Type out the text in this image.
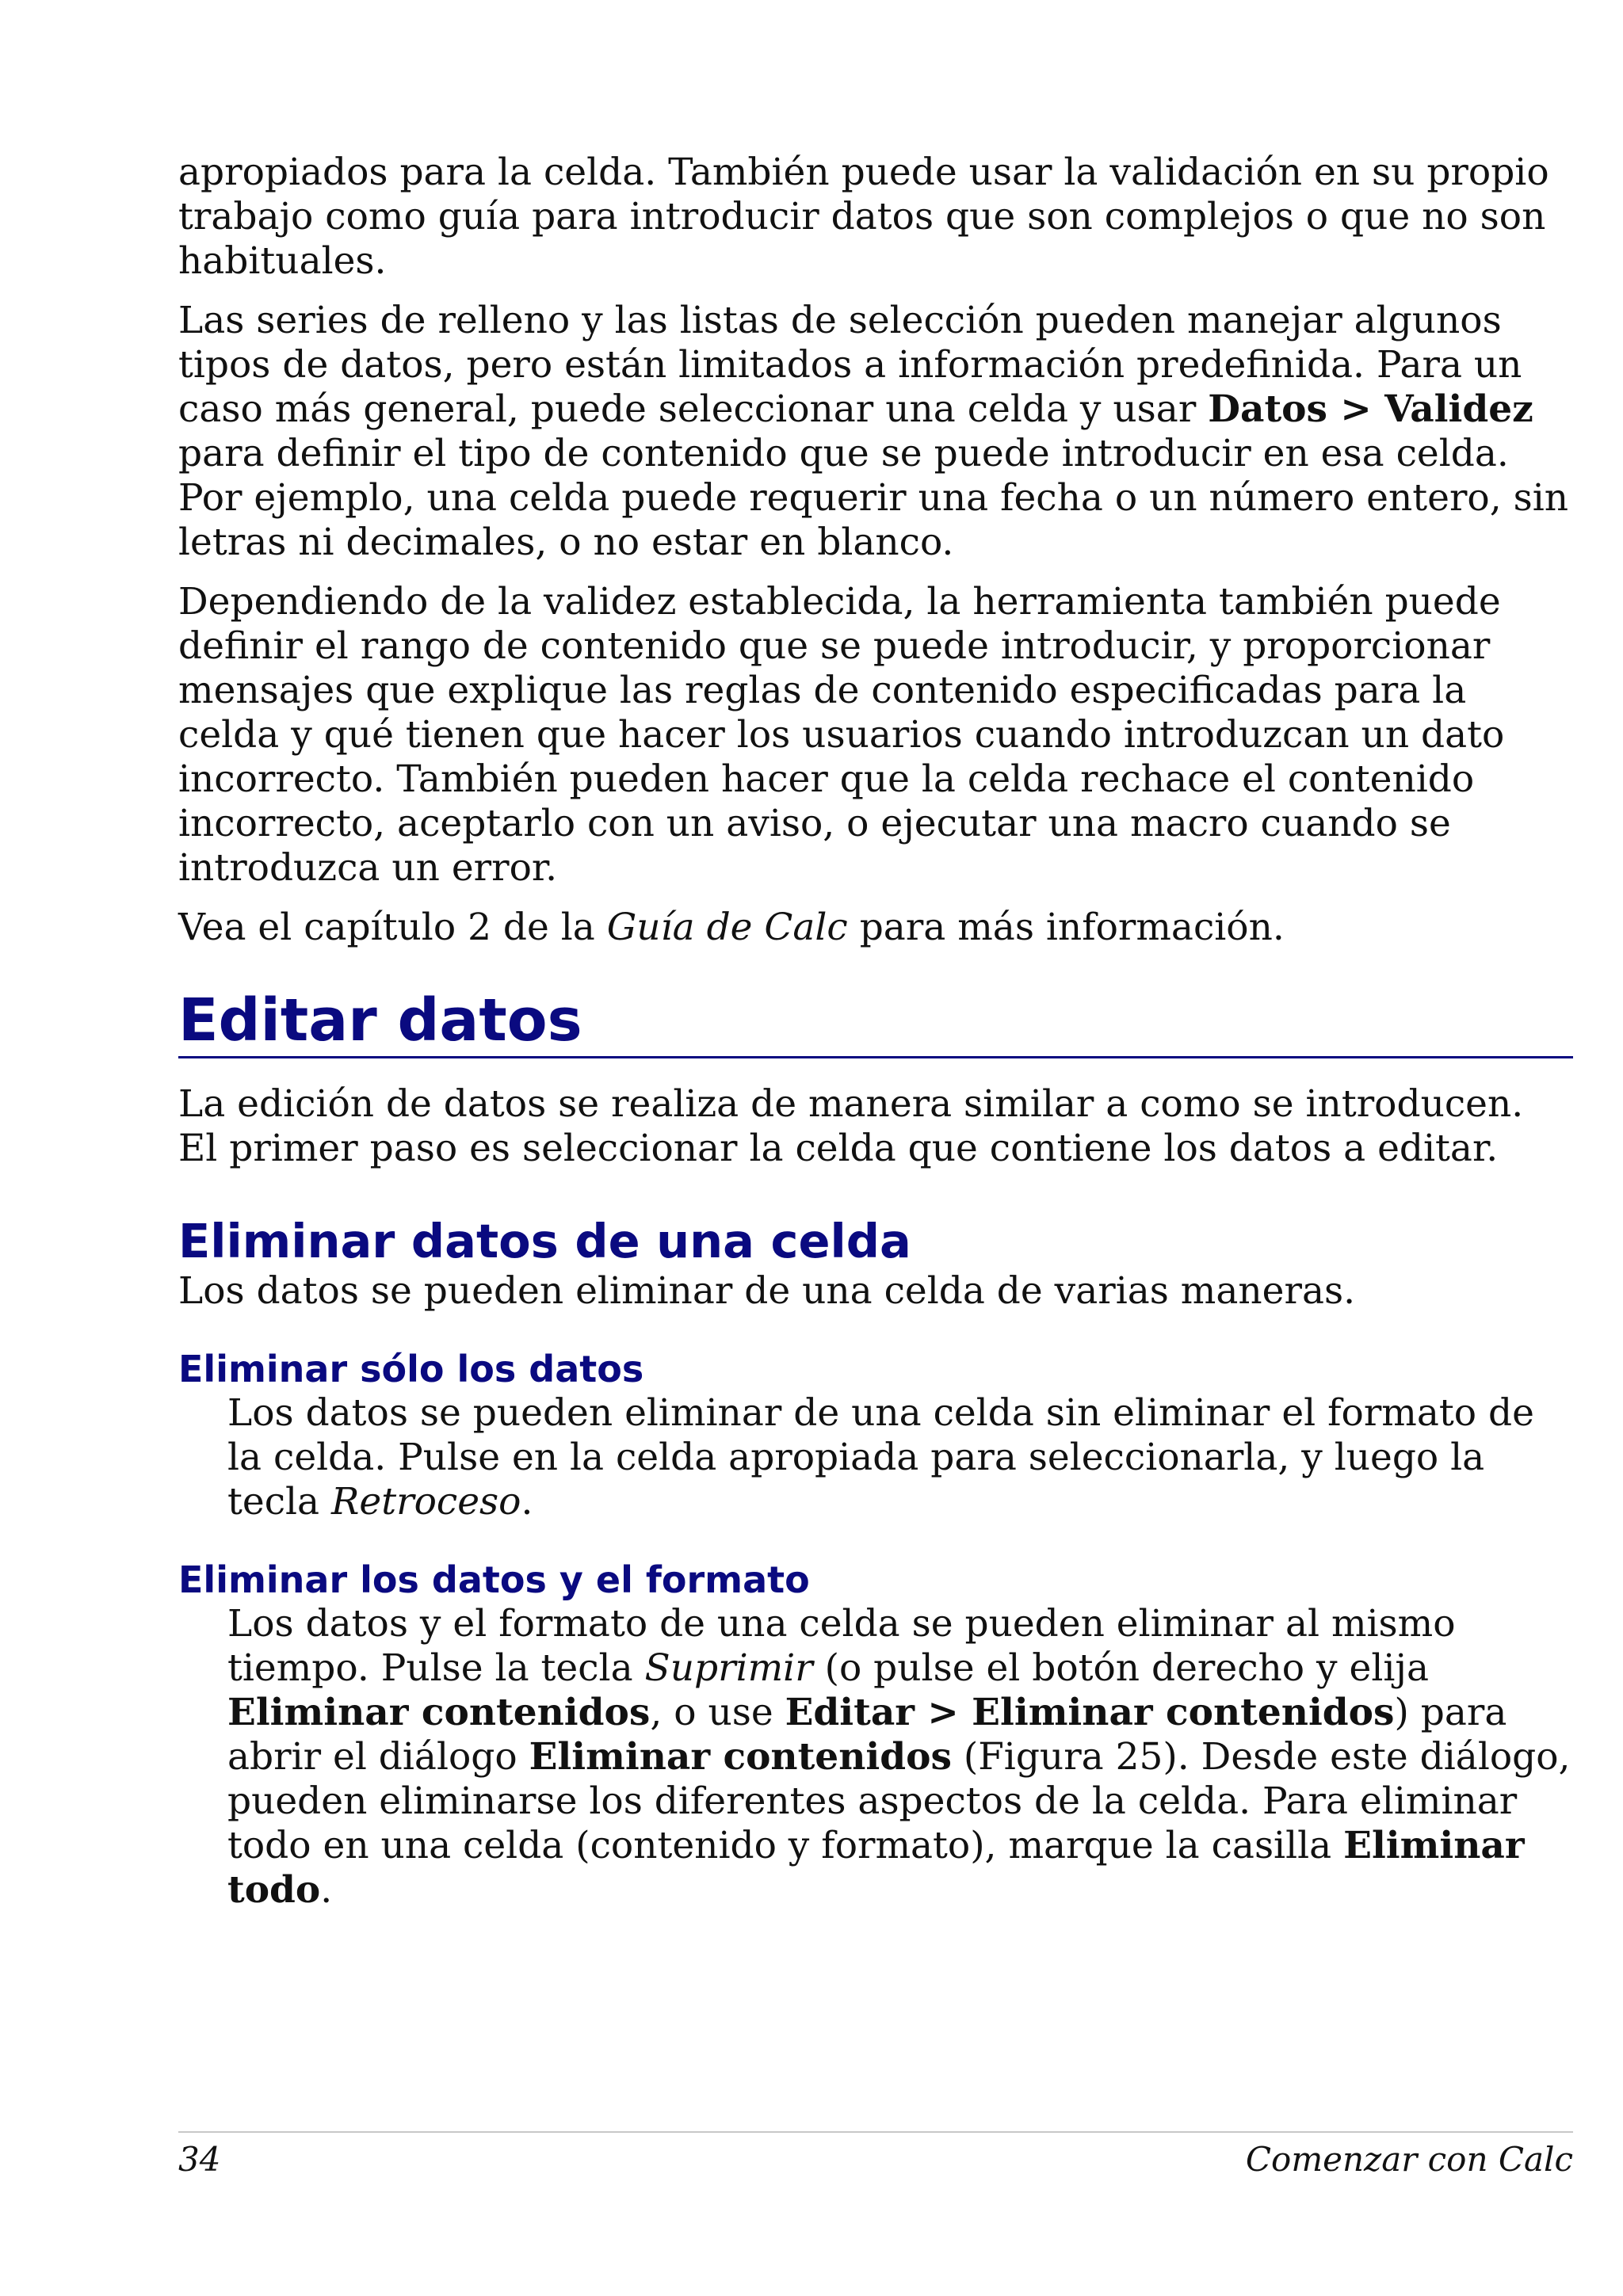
apropiados para la celda. También puede usar la validación en su propio trabajo como guía para introducir datos que son complejos o que no son habituales.

Las series de relleno y las listas de selección pueden manejar algunos tipos de datos, pero están limitados a información predefinida. Para un caso más general, puede seleccionar una celda y usar Datos > Validez para definir el tipo de contenido que se puede introducir en esa celda. Por ejemplo, una celda puede requerir una fecha o un número entero, sin letras ni decimales, o no estar en blanco.

Dependiendo de la validez establecida, la herramienta también puede definir el rango de contenido que se puede introducir, y proporcionar mensajes que explique las reglas de contenido especificadas para la celda y qué tienen que hacer los usuarios cuando introduzcan un dato incorrecto. También pueden hacer que la celda rechace el contenido incorrecto, aceptarlo con un aviso, o ejecutar una macro cuando se introduzca un error.

Vea el capítulo 2 de la Guía de Calc para más información.

Editar datos

La edición de datos se realiza de manera similar a como se introducen. El primer paso es seleccionar la celda que contiene los datos a editar.

Eliminar datos de una celda

Los datos se pueden eliminar de una celda de varias maneras.

Eliminar sólo los datos

Los datos se pueden eliminar de una celda sin eliminar el formato de la celda. Pulse en la celda apropiada para seleccionarla, y luego la tecla Retroceso.

Eliminar los datos y el formato

Los datos y el formato de una celda se pueden eliminar al mismo tiempo. Pulse la tecla Suprimir (o pulse el botón derecho y elija Eliminar contenidos, o use Editar > Eliminar contenidos) para abrir el diálogo Eliminar contenidos (Figura 25). Desde este diálogo, pueden eliminarse los diferentes aspectos de la celda. Para eliminar todo en una celda (contenido y formato), marque la casilla Eliminar todo.

34	Comenzar con Calc
